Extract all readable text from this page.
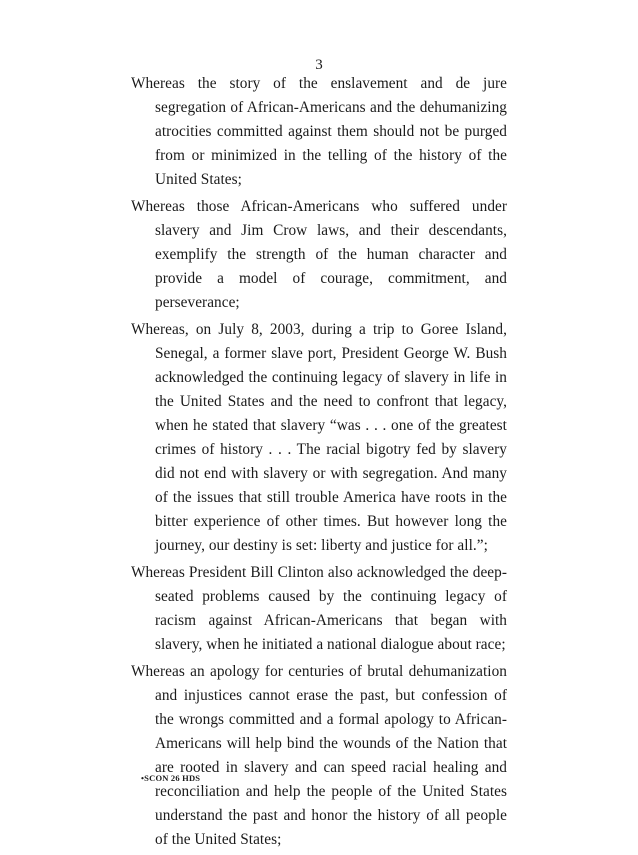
3

Whereas the story of the enslavement and de jure segregation of African-Americans and the dehumanizing atrocities committed against them should not be purged from or minimized in the telling of the history of the United States;

Whereas those African-Americans who suffered under slavery and Jim Crow laws, and their descendants, exemplify the strength of the human character and provide a model of courage, commitment, and perseverance;

Whereas, on July 8, 2003, during a trip to Goree Island, Senegal, a former slave port, President George W. Bush acknowledged the continuing legacy of slavery in life in the United States and the need to confront that legacy, when he stated that slavery “was . . . one of the greatest crimes of history . . . The racial bigotry fed by slavery did not end with slavery or with segregation. And many of the issues that still trouble America have roots in the bitter experience of other times. But however long the journey, our destiny is set: liberty and justice for all.”;

Whereas President Bill Clinton also acknowledged the deep-seated problems caused by the continuing legacy of racism against African-Americans that began with slavery, when he initiated a national dialogue about race;

Whereas an apology for centuries of brutal dehumanization and injustices cannot erase the past, but confession of the wrongs committed and a formal apology to African-Americans will help bind the wounds of the Nation that are rooted in slavery and can speed racial healing and reconciliation and help the people of the United States understand the past and honor the history of all people of the United States;

•SCON 26 HDS
